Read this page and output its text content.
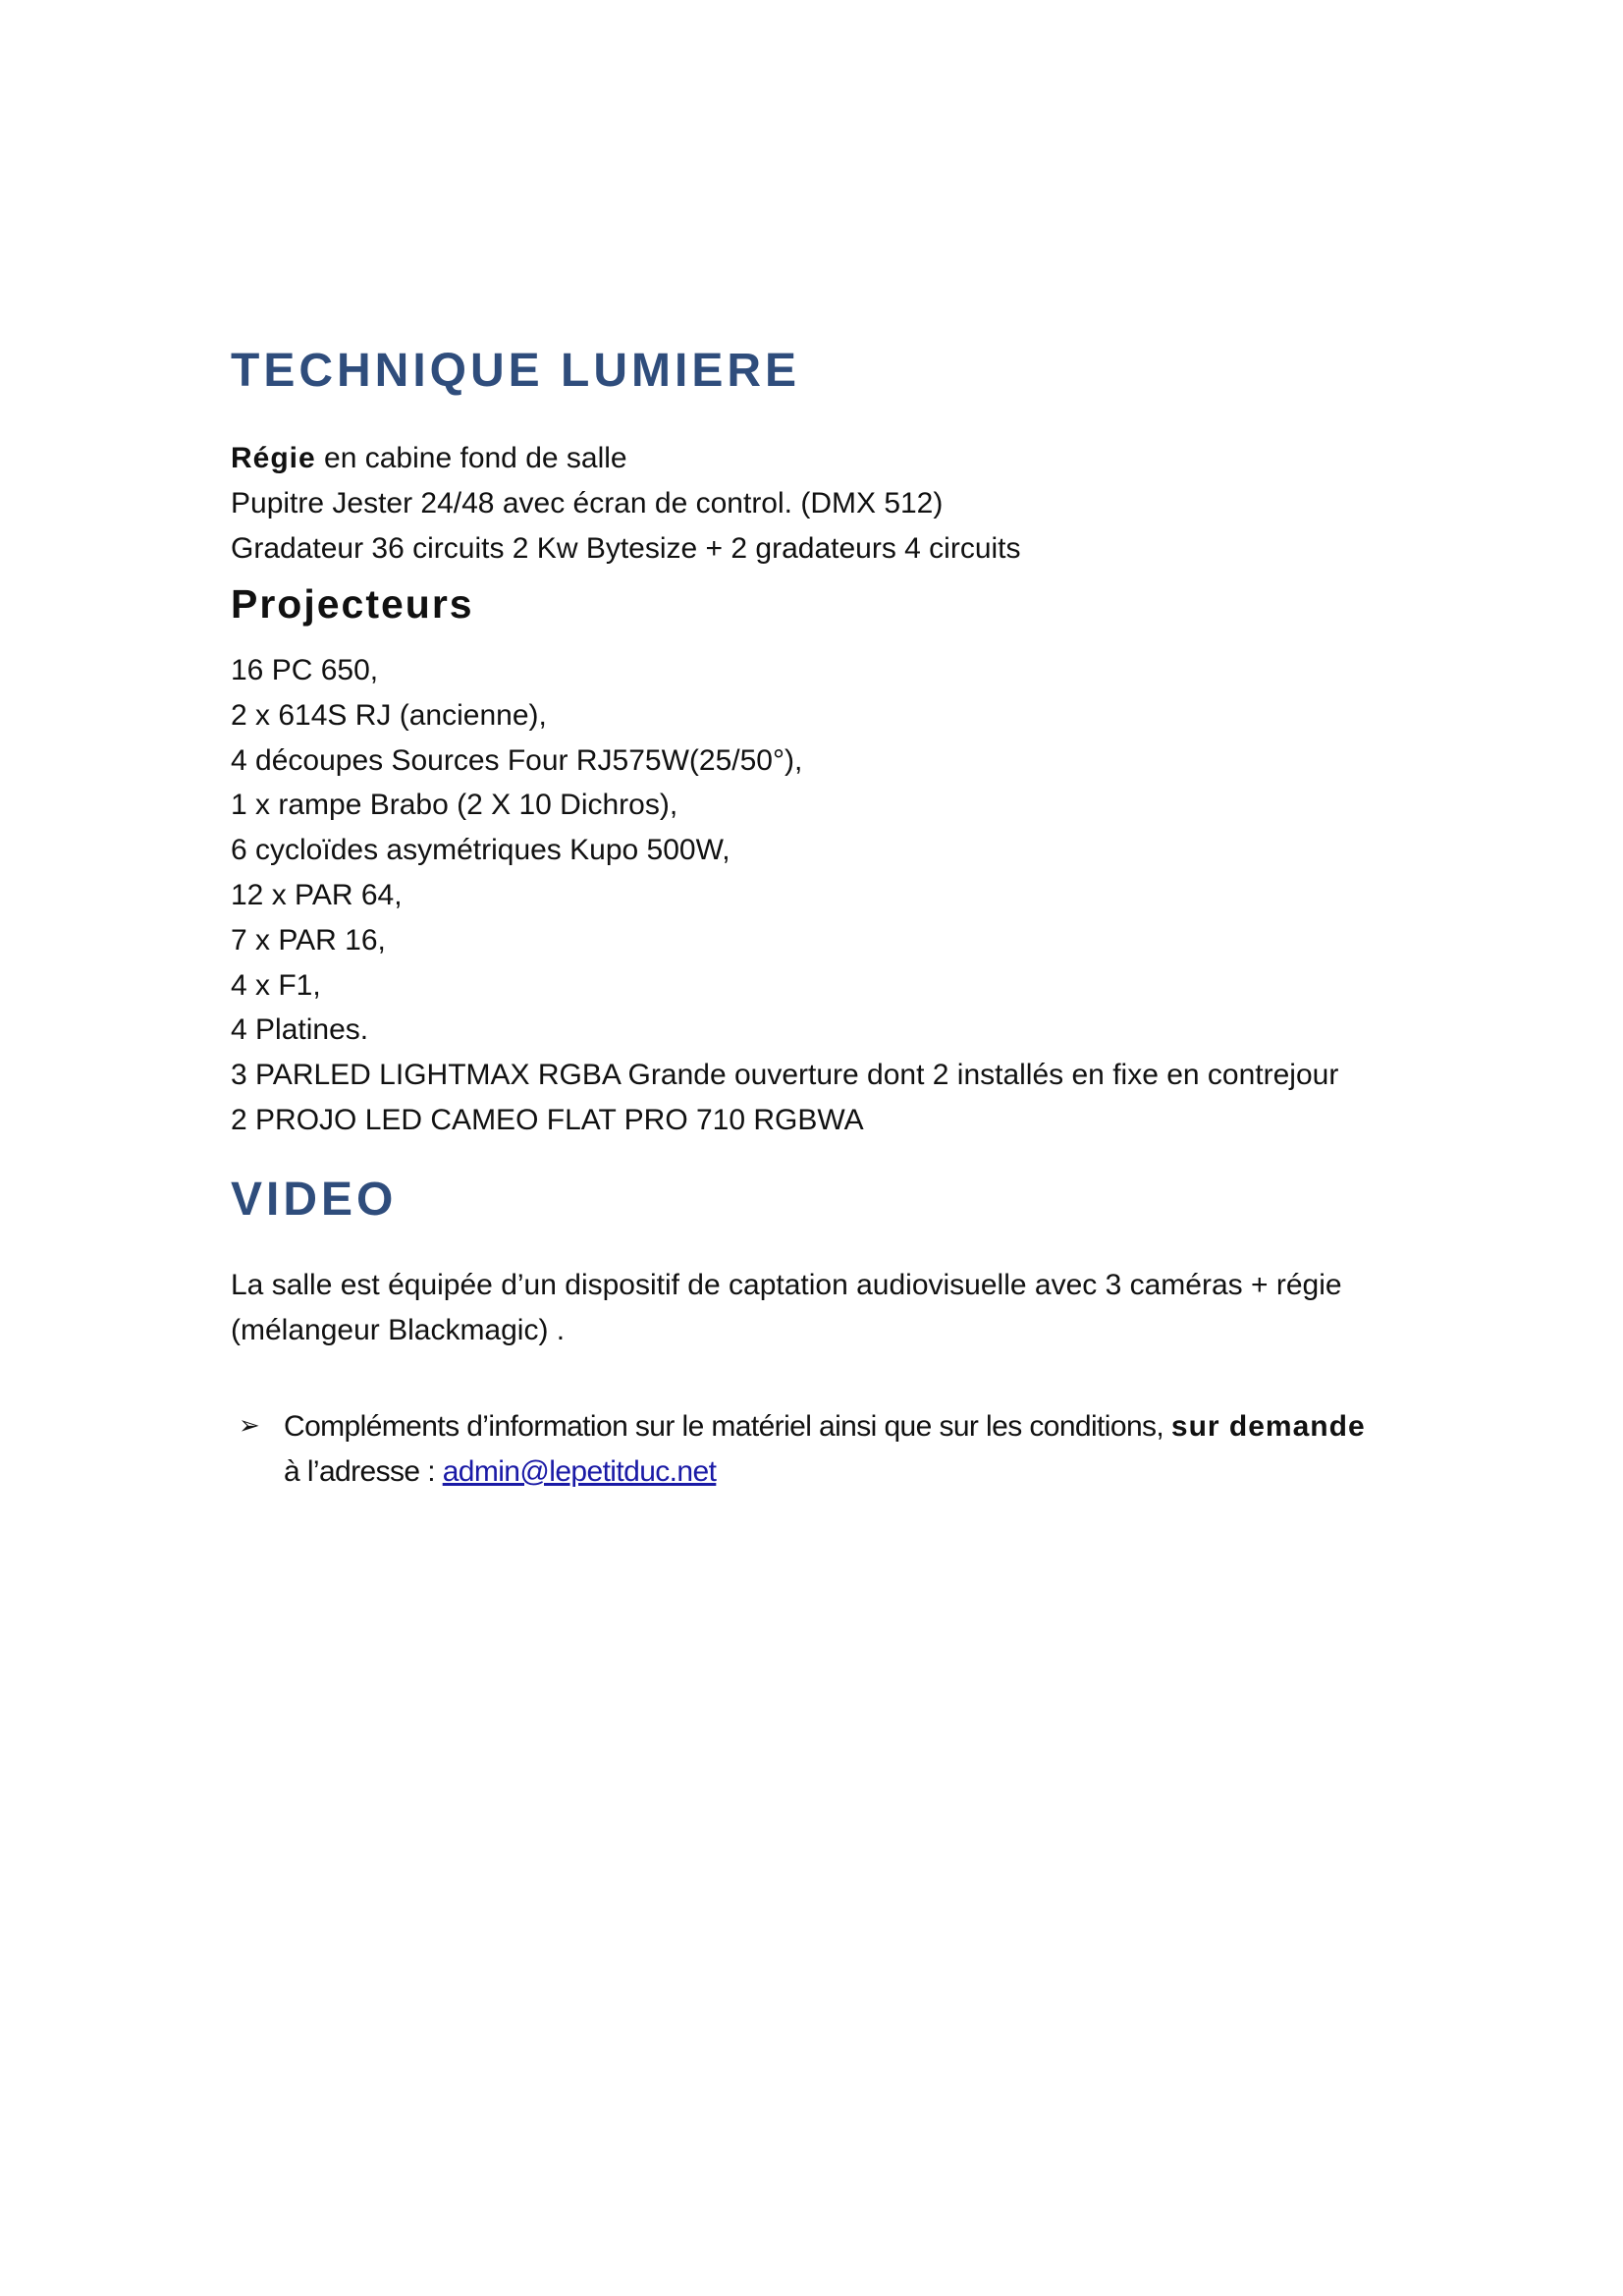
TECHNIQUE LUMIERE
Régie en cabine fond de salle
Pupitre Jester 24/48 avec écran de control. (DMX 512)
Gradateur 36 circuits 2 Kw Bytesize + 2 gradateurs 4 circuits
Projecteurs
16 PC 650,
2 x 614S RJ (ancienne),
4 découpes Sources Four RJ575W(25/50°),
1 x rampe Brabo (2 X 10 Dichros),
6 cycloïdes asymétriques Kupo 500W,
12 x PAR 64,
7 x PAR 16,
4 x F1,
4 Platines.
3 PARLED LIGHTMAX RGBA Grande ouverture dont 2 installés en fixe en contrejour
2 PROJO LED CAMEO FLAT PRO 710 RGBWA
VIDEO

La salle est équipée d’un dispositif de captation audiovisuelle avec 3 caméras + régie (mélangeur Blackmagic) .

➢ Compléments d’information sur le matériel ainsi que sur les conditions, sur demande
à l’adresse : admin@lepetitduc.net
